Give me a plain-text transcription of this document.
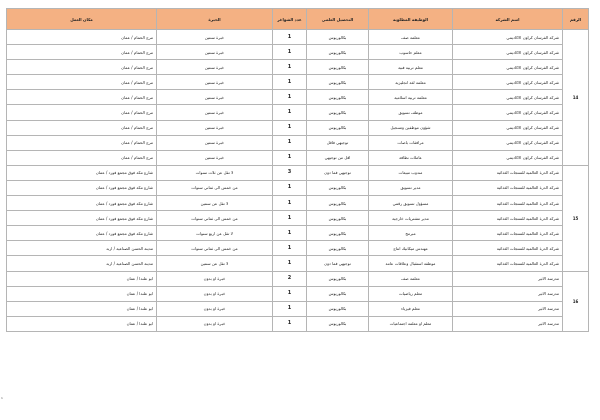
الرقم	اسم الشركة	الوظيفة المطلوبة	التحصيل العلمي	عدد الشواغر	الخبرة	مكان العمل
14	شركة الفرسان كراون الاكاديمي	معلمة صف	بكالوريوس	1	خبرة سنتين	مرج الحمام / عمان
	شركة الفرسان كراون الاكاديمي	معلم حاسوب	بكالوريوس	1	خبرة سنتين	مرج الحمام / عمان
	شركة الفرسان كراون الاكاديمي	معلم تربية فنية	بكالوريوس	1	خبرة سنتين	مرج الحمام / عمان
	شركة الفرسان كراون الاكاديمي	معلمة لغة انجليزية	بكالوريوس	1	خبرة سنتين	مرج الحمام / عمان
	شركة الفرسان كراون الاكاديمي	معلمة تربية اسلامية	بكالوريوس	1	خبرة سنتين	مرج الحمام / عمان
	شركة الفرسان كراون الاكاديمي	موظف تسويق	بكالوريوس	1	خبرة سنتين	مرج الحمام / عمان
	شركة الفرسان كراون الاكاديمي	شؤون موظفين وتسجيل	بكالوريوس	1	خبرة سنتين	مرج الحمام / عمان
	شركة الفرسان كراون الاكاديمي	مرافقات باصات	توجيهي فاقل	1	خبرة سنتين	مرج الحمام / عمان
	شركة الفرسان كراون الاكاديمي	عاملات نظافة	اقل من توجيهي	1	خبرة سنتين	مرج الحمام / عمان
15	شركة الدرة العالمية للمنتجات الغذائية	مندوب مبيعات	توجيهي فما دون	3	لا تقل عن ثلاث سنوات	شارع مكة فوق مجمع فورد / عمان
	شركة الدرة العالمية للمنتجات الغذائية	مدير تسويق	بكالوريوس	1	من خمس الى ثماني سنوات	شارع مكة فوق مجمع فورد / عمان
	شركة الدرة العالمية للمنتجات الغذائية	مسؤول تسويق رقمي	بكالوريوس	1	لا تقل عن سنتين	شارع مكة فوق مجمع فورد / عمان
	شركة الدرة العالمية للمنتجات الغذائية	مدير مشتريات خارجية	بكالوريوس	1	من خمس الى ثماني سنوات	شارع مكة فوق مجمع فورد / عمان
	شركة الدرة العالمية للمنتجات الغذائية	مبرمج	بكالوريوس	1	لا تقل عن اربع سنوات	شارع مكة فوق مجمع فورد / عمان
	شركة الدرة العالمية للمنتجات الغذائية	مهندس ميكانيك انتاج	بكالوريوس	1	من خمس الى ثماني سنوات	مدينة الحسن الصناعية / اربد
	شركة الدرة العالمية للمنتجات الغذائية	موظفة استقبال وعلاقات عامة	توجيهي فما دون	1	لا تقل عن سنتين	مدينة الحسن الصناعية / اربد
16	مدرسة الاثير	معلمة صف	بكالوريوس	2	خبرة او بدون	ابو علندا / عمان
	مدرسة الاثير	معلم رياضيات	بكالوريوس	1	خبرة او بدون	ابو علندا / عمان
	مدرسة الاثير	معلم فيزياء	بكالوريوس	1	خبرة او بدون	ابو علندا / عمان
	مدرسة الاثير	معلم او معلمة اجتماعيات	بكالوريوس	1	خبرة او بدون	ابو علندا / عمان
1
